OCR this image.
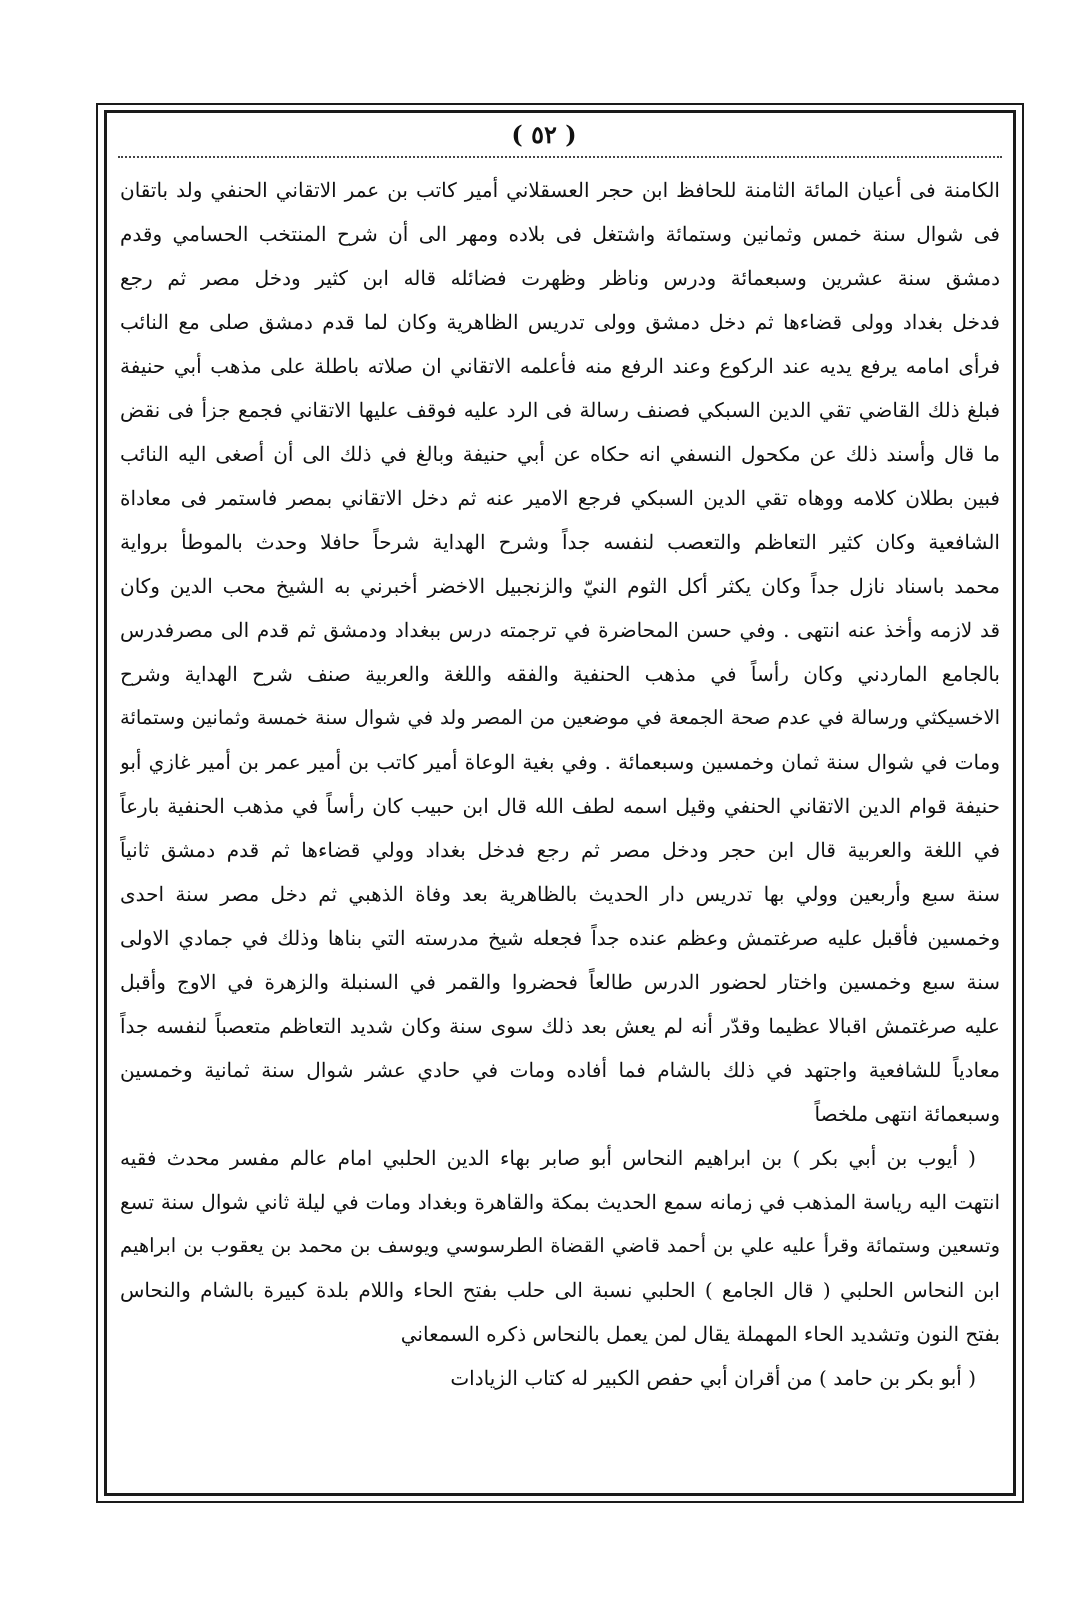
( ٥٢ )
الكامنة فى أعيان المائة الثامنة للحافظ ابن حجر العسقلاني أمير كاتب بن عمر الاتقاني الحنفي ولد باتقان
فى شوال سنة خمس وثمانين وستمائة واشتغل فى بلاده ومهر الى أن شرح المنتخب الحسامي وقدم
دمشق سنة عشرين وسبعمائة ودرس وناظر وظهرت فضائله قاله ابن كثير ودخل مصر ثم رجع
فدخل بغداد وولى قضاءها ثم دخل دمشق وولى تدريس الظاهرية وكان لما قدم دمشق صلى مع النائب
فرأى امامه يرفع يديه عند الركوع وعند الرفع منه فأعلمه الاتقاني ان صلاته باطلة على مذهب أبي حنيفة
فبلغ ذلك القاضي تقي الدين السبكي فصنف رسالة فى الرد عليه فوقف عليها الاتقاني فجمع جزأ فى نقض
ما قال وأسند ذلك عن مكحول النسفي انه حكاه عن أبي حنيفة وبالغ في ذلك الى أن أصغى اليه النائب
فبين بطلان كلامه ووهاه تقي الدين السبكي فرجع الامير عنه ثم دخل الاتقاني بمصر فاستمر فى معاداة
الشافعية وكان كثير التعاظم والتعصب لنفسه جداً وشرح الهداية شرحاً حافلا وحدث بالموطأ برواية
محمد باسناد نازل جداً وكان يكثر أكل الثوم النيّ والزنجبيل الاخضر أخبرني به الشيخ محب الدين وكان
قد لازمه وأخذ عنه انتهى . وفي حسن المحاضرة في ترجمته درس ببغداد ودمشق ثم قدم الى مصرفدرس
بالجامع الماردني وكان رأساً في مذهب الحنفية والفقه واللغة والعربية صنف شرح الهداية وشرح
الاخسيكثي ورسالة في عدم صحة الجمعة في موضعين من المصر ولد في شوال سنة خمسة وثمانين وستمائة
ومات في شوال سنة ثمان وخمسين وسبعمائة . وفي بغية الوعاة أمير كاتب بن أمير عمر بن أمير غازي أبو
حنيفة قوام الدين الاتقاني الحنفي وقيل اسمه لطف الله قال ابن حبيب كان رأساً في مذهب الحنفية بارعاً
في اللغة والعربية قال ابن حجر ودخل مصر ثم رجع فدخل بغداد وولي قضاءها ثم قدم دمشق ثانياً
سنة سبع وأربعين وولي بها تدريس دار الحديث بالظاهرية بعد وفاة الذهبي ثم دخل مصر سنة احدى
وخمسين فأقبل عليه صرغتمش وعظم عنده جداً فجعله شيخ مدرسته التي بناها وذلك في جمادي الاولى
سنة سبع وخمسين واختار لحضور الدرس طالعاً فحضروا والقمر في السنبلة والزهرة في الاوج وأقبل
عليه صرغتمش اقبالا عظيما وقدّر أنه لم يعش بعد ذلك سوى سنة وكان شديد التعاظم متعصباً لنفسه جداً
معادياً للشافعية واجتهد في ذلك بالشام فما أفاده ومات في حادي عشر شوال سنة ثمانية وخمسين
وسبعمائة انتهى ملخصاً
( أيوب بن أبي بكر ) بن ابراهيم النحاس أبو صابر بهاء الدين الحلبي امام عالم مفسر محدث فقيه
انتهت اليه رياسة المذهب في زمانه سمع الحديث بمكة والقاهرة وبغداد ومات في ليلة ثاني شوال سنة تسع
وتسعين وستمائة وقرأ عليه علي بن أحمد قاضي القضاة الطرسوسي ويوسف بن محمد بن يعقوب بن ابراهيم
ابن النحاس الحلبي ( قال الجامع ) الحلبي نسبة الى حلب بفتح الحاء واللام بلدة كبيرة بالشام والنحاس
بفتح النون وتشديد الحاء المهملة يقال لمن يعمل بالنحاس ذكره السمعاني
( أبو بكر بن حامد ) من أقران أبي حفص الكبير له كتاب الزيادات
